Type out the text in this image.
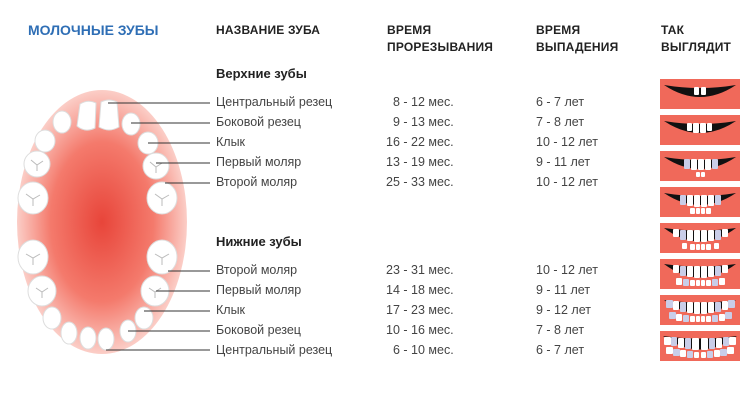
МОЛОЧНЫЕ ЗУБЫ	НАЗВАНИЕ ЗУБА	ВРЕМЯ
ПРОРЕЗЫВАНИЯ
ВРЕМЯ
ВЫПАДЕНИЯ
ТАК
ВЫГЛЯДИТ
Верхние зубы
Нижние зубы
Центральный резец	8 - 12 мес.	6 - 7 лет
Боковой резец	9 - 13 мес.	7 - 8 лет
Клык	16 - 22 мес.	10 - 12 лет
Первый моляр	13 - 19 мес.	9 - 11 лет
Второй моляр	25 - 33 мес.	10 - 12 лет
Второй моляр	23 - 31 мес.	10 - 12 лет
Первый моляр	14 - 18 мес.	9 - 11 лет
Клык	17 - 23 мес.	9 - 12 лет
Боковой резец	10 - 16 мес.	7 - 8 лет
Центральный резец	6 - 10 мес.	6 - 7 лет
